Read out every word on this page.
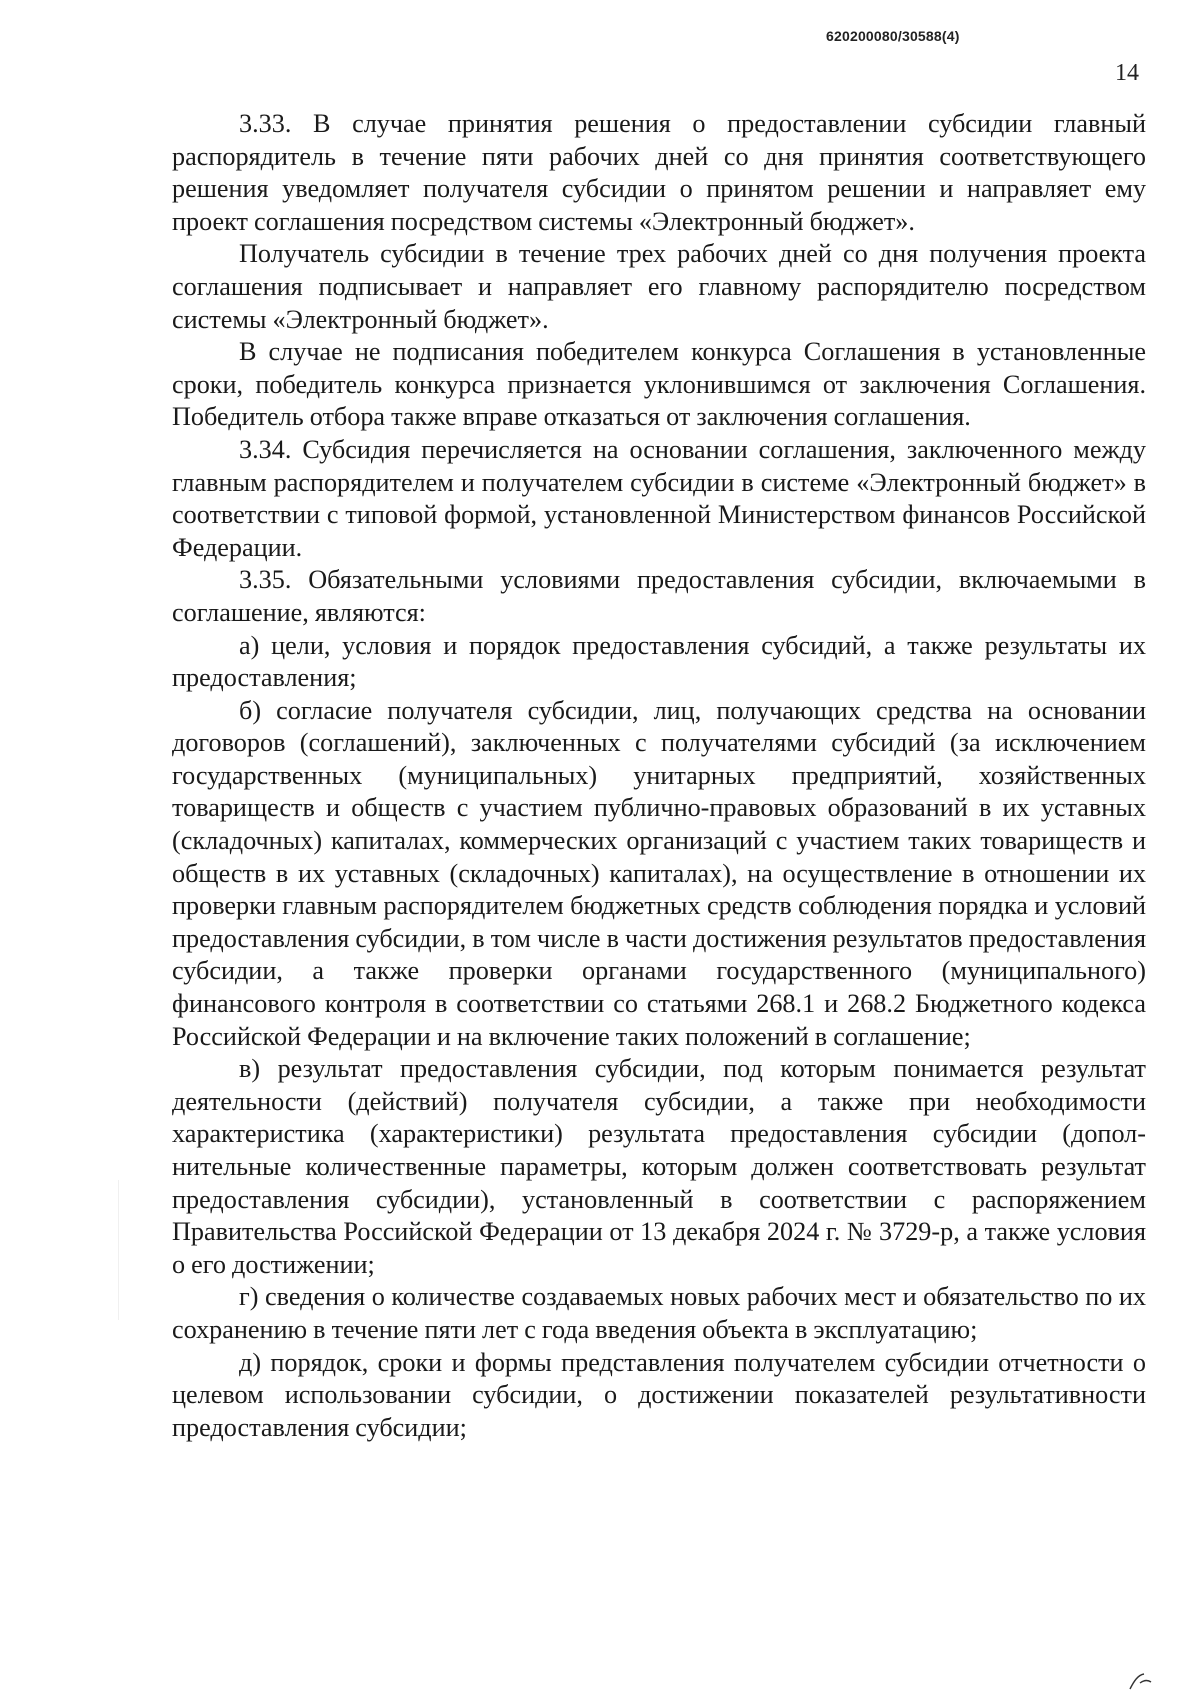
620200080/30588(4)
14

3.33. В случае принятия решения о предоставлении субсидии главный распорядитель в течение пяти рабочих дней со дня принятия соответствующего решения уведомляет получателя субсидии о принятом решении и направляет ему проект соглашения посредством системы «Электронный бюджет».

Получатель субсидии в течение трех рабочих дней со дня получения проекта соглашения подписывает и направляет его главному распорядителю посредством системы «Электронный бюджет».

В случае не подписания победителем конкурса Соглашения в установленные сроки, победитель конкурса признается уклонившимся от заключения Соглашения. Победитель отбора также вправе отказаться от заключения соглашения.

3.34. Субсидия перечисляется на основании соглашения, заключенного между главным распорядителем и получателем субсидии в системе «Электронный бюджет» в соответствии с типовой формой, установленной Министерством финансов Российской Федерации.

3.35. Обязательными условиями предоставления субсидии, включаемыми в соглашение, являются:

а) цели, условия и порядок предоставления субсидий, а также результаты их предоставления;

б) согласие получателя субсидии, лиц, получающих средства на основании договоров (соглашений), заключенных с получателями субсидий (за исключением государственных (муниципальных) унитарных предприятий, хозяйственных товариществ и обществ с участием публично-правовых образований в их уставных (складочных) капиталах, коммерческих организаций с участием таких товариществ и обществ в их уставных (складочных) капиталах), на осуществление в отношении их проверки главным распорядителем бюджетных средств соблюдения порядка и условий предоставления субсидии, в том числе в части достижения результатов предоставления субсидии, а также проверки органами государственного (муниципального) финансового контроля в соответствии со статьями 268.1 и 268.2 Бюджетного кодекса Российской Федерации и на включение таких положений в соглашение;

в) результат предоставления субсидии, под которым понимается результат деятельности (действий) получателя субсидии, а также при необходимости характеристика (характеристики) результата предоставления субсидии (дополнительные количественные параметры, которым должен соответствовать результат предоставления субсидии), установленный в соответствии с распоряжением Правительства Российской Федерации от 13 декабря 2024 г. № 3729-р, а также условия о его достижении;

г) сведения о количестве создаваемых новых рабочих мест и обязательство по их сохранению в течение пяти лет с года введения объекта в эксплуатацию;

д) порядок, сроки и формы представления получателем субсидии отчетности о целевом использовании субсидии, о достижении показателей результативности предоставления субсидии;
